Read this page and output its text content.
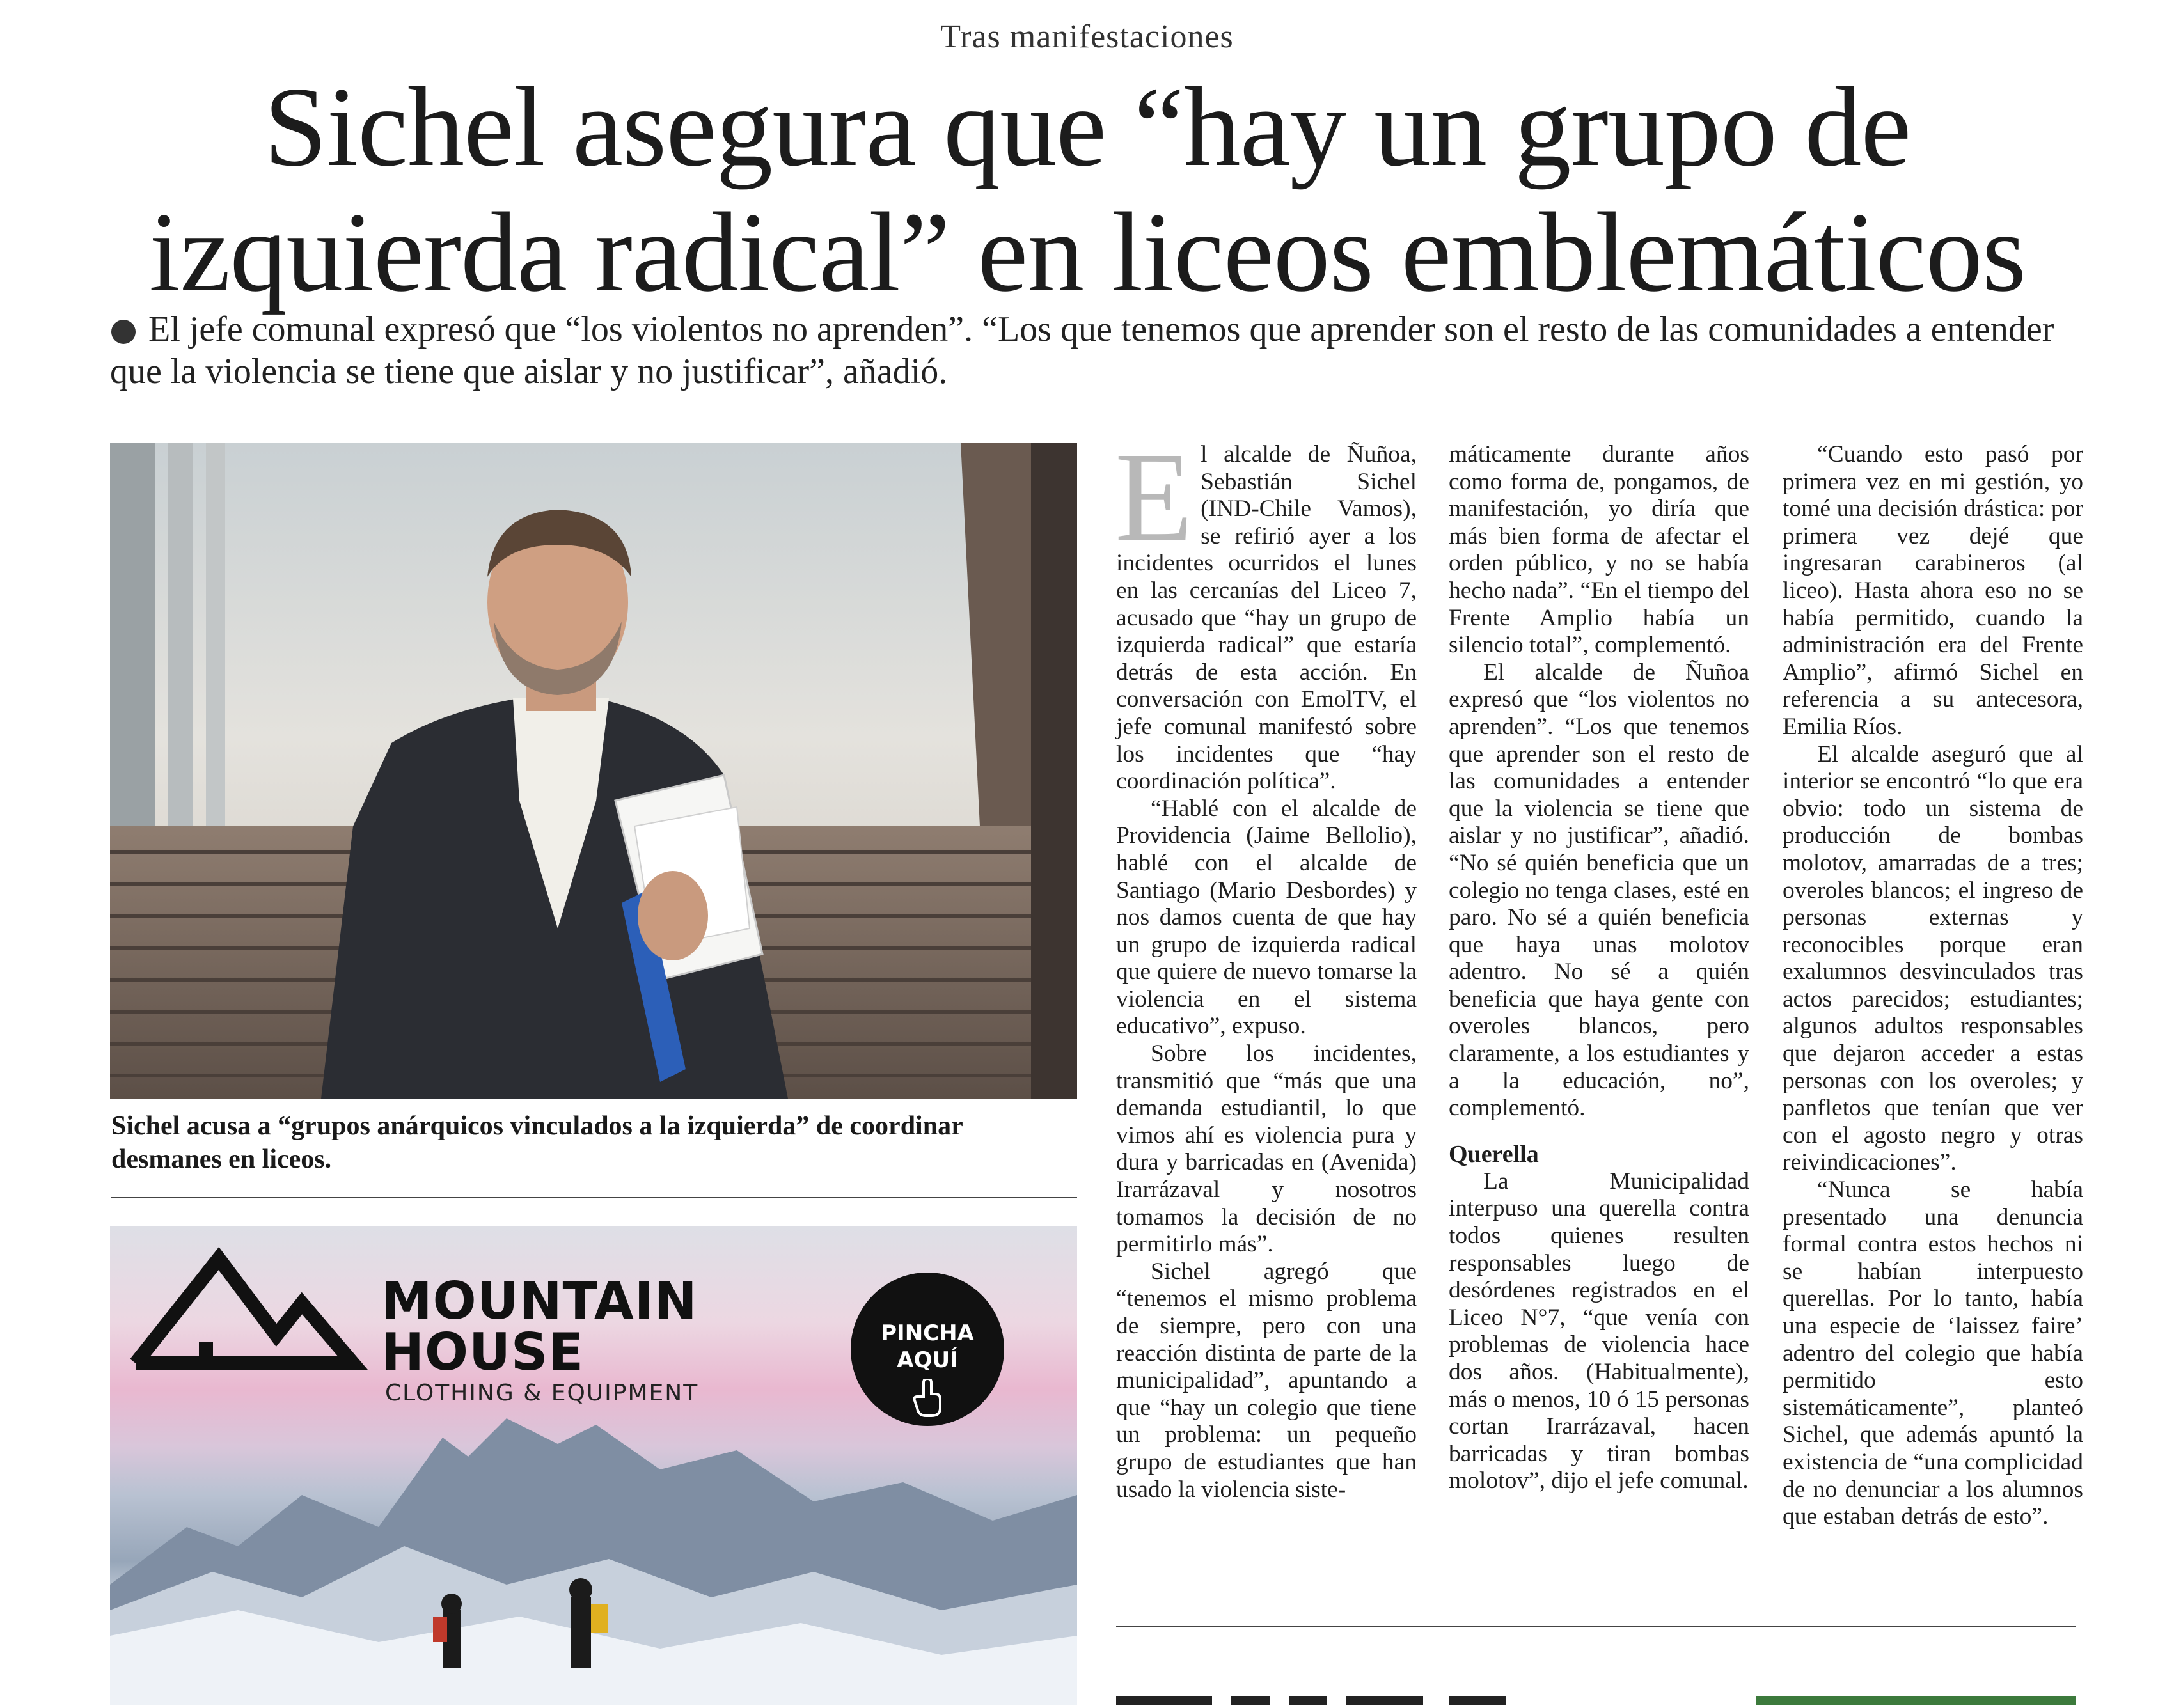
Tras manifestaciones
Sichel asegura que “hay un grupo de izquierda radical” en liceos emblemáticos
El jefe comunal expresó que “los violentos no aprenden”. “Los que tenemos que aprender son el resto de las comunidades a entender que la violencia se tiene que aislar y no justificar”, añadió.
Sichel acusa a “grupos anárquicos vinculados a la izquierda” de coordinar desmanes en liceos.
MOUNTAIN
HOUSE
CLOTHING & EQUIPMENT
PINCHA
AQUÍ

El alcalde de Ñuñoa, Sebastián Sichel (IND-Chile Vamos), se refirió ayer a los incidentes ocurridos el lunes en las cercanías del Liceo 7, acusado que “hay un grupo de izquierda radical” que estaría detrás de esta acción. En conversación con EmolTV, el jefe comunal manifestó sobre los incidentes que “hay coordinación política”.

“Hablé con el alcalde de Providencia (Jaime Bellolio), hablé con el alcalde de Santiago (Mario Desbordes) y nos damos cuenta de que hay un grupo de izquierda radical que quiere de nuevo tomarse la violencia en el sistema educativo”, expuso.

Sobre los incidentes, transmitió que “más que una demanda estudiantil, lo que vimos ahí es violencia pura y dura y barricadas en (Avenida) Irarrázaval y nosotros tomamos la decisión de no permitirlo más”.

Sichel agregó que “tenemos el mismo problema de siempre, pero con una reacción distinta de parte de la municipalidad”, apuntando a que “hay un colegio que tiene un problema: un pequeño grupo de estudiantes que han usado la violencia siste-

máticamente durante años como forma de, pongamos, de manifestación, yo diría que más bien forma de afectar el orden público, y no se había hecho nada”. “En el tiempo del Frente Amplio había un silencio total”, complementó.

El alcalde de Ñuñoa expresó que “los violentos no aprenden”. “Los que tenemos que aprender son el resto de las comunidades a entender que la violencia se tiene que aislar y no justificar”, añadió. “No sé quién beneficia que un colegio no tenga clases, esté en paro. No sé a quién beneficia que haya unas molotov adentro. No sé a quién beneficia que haya gente con overoles blancos, pero claramente, a los estudiantes y a la educación, no”, complementó.

Querella

La Municipalidad interpuso una querella contra todos quienes resulten responsables luego de desórdenes registrados en el Liceo N°7, “que venía con problemas de violencia hace dos años. (Habitualmente), más o menos, 10 ó 15 personas cortan Irarrázaval, hacen barricadas y tiran bombas molotov”, dijo el jefe comunal.

“Cuando esto pasó por primera vez en mi gestión, yo tomé una decisión drástica: por primera vez dejé que ingresaran carabineros (al liceo). Hasta ahora eso no se había permitido, cuando la administración era del Frente Amplio”, afirmó Sichel en referencia a su antecesora, Emilia Ríos.

El alcalde aseguró que al interior se encontró “lo que era obvio: todo un sistema de producción de bombas molotov, amarradas de a tres; overoles blancos; el ingreso de personas externas y reconocibles porque eran exalumnos desvinculados tras actos parecidos; estudiantes; algunos adultos responsables que dejaron acceder a estas personas con los overoles; y panfletos que tenían que ver con el agosto negro y otras reivindicaciones”.

“Nunca se había presentado una denuncia formal contra estos hechos ni se habían interpuesto querellas. Por lo tanto, había una especie de ‘laissez faire’ adentro del colegio que había permitido esto sistemáticamente”, planteó Sichel, que además apuntó la existencia de “una complicidad de no denunciar a los alumnos que estaban detrás de esto”.
